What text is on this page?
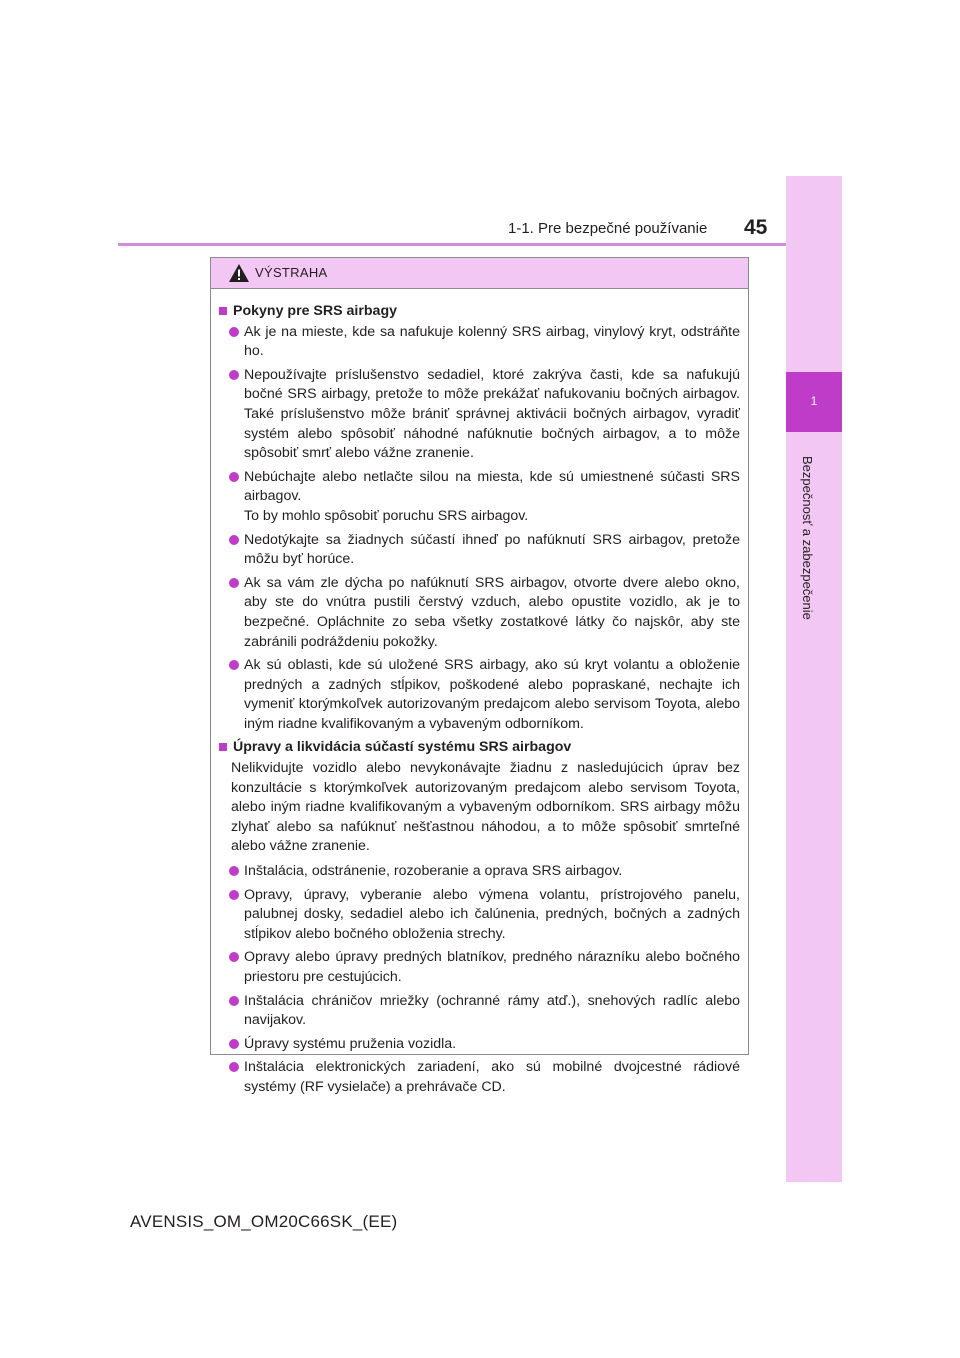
1-1. Pre bezpečné používanie 45
1
Bezpečnosť a zabezpečenie
VÝSTRAHA
Pokyny pre SRS airbagy
Ak je na mieste, kde sa nafukuje kolenný SRS airbag, vinylový kryt, odstráňte ho.
Nepoužívajte príslušenstvo sedadiel, ktoré zakrýva časti, kde sa nafukujú bočné SRS airbagy, pretože to môže prekážať nafukovaniu bočných airbagov. Také príslušenstvo môže brániť správnej aktivácii bočných airbagov, vyradiť systém alebo spôsobiť náhodné nafúknutie bočných airbagov, a to môže spôsobiť smrť alebo vážne zranenie.
Nebúchajte alebo netlačte silou na miesta, kde sú umiestnené súčasti SRS airbagov.
To by mohlo spôsobiť poruchu SRS airbagov.
Nedotýkajte sa žiadnych súčastí ihneď po nafúknutí SRS airbagov, pretože môžu byť horúce.
Ak sa vám zle dýcha po nafúknutí SRS airbagov, otvorte dvere alebo okno, aby ste do vnútra pustili čerstvý vzduch, alebo opustite vozidlo, ak je to bezpečné. Opláchnite zo seba všetky zostatkové látky čo najskôr, aby ste zabránili podráždeniu pokožky.
Ak sú oblasti, kde sú uložené SRS airbagy, ako sú kryt volantu a obloženie predných a zadných stĺpikov, poškodené alebo popraskané, nechajte ich vymeniť ktorýmkoľvek autorizovaným predajcom alebo servisom Toyota, alebo iným riadne kvalifikovaným a vybaveným odborníkom.
Úpravy a likvidácia súčastí systému SRS airbagov
Nelikvidujte vozidlo alebo nevykonávajte žiadnu z nasledujúcich úprav bez konzultácie s ktorýmkoľvek autorizovaným predajcom alebo servisom Toyota, alebo iným riadne kvalifikovaným a vybaveným odborníkom. SRS airbagy môžu zlyhať alebo sa nafúknuť nešťastnou náhodou, a to môže spôsobiť smrteľné alebo vážne zranenie.
Inštalácia, odstránenie, rozoberanie a oprava SRS airbagov.
Opravy, úpravy, vyberanie alebo výmena volantu, prístrojového panelu, palubnej dosky, sedadiel alebo ich čalúnenia, predných, bočných a zadných stĺpikov alebo bočného obloženia strechy.
Opravy alebo úpravy predných blatníkov, predného nárazníku alebo bočného priestoru pre cestujúcich.
Inštalácia chráničov mriežky (ochranné rámy atď.), snehových radlíc alebo navijakov.
Úpravy systému pruženia vozidla.
Inštalácia elektronických zariadení, ako sú mobilné dvojcestné rádiové systémy (RF vysielače) a prehrávače CD.
AVENSIS_OM_OM20C66SK_(EE)
